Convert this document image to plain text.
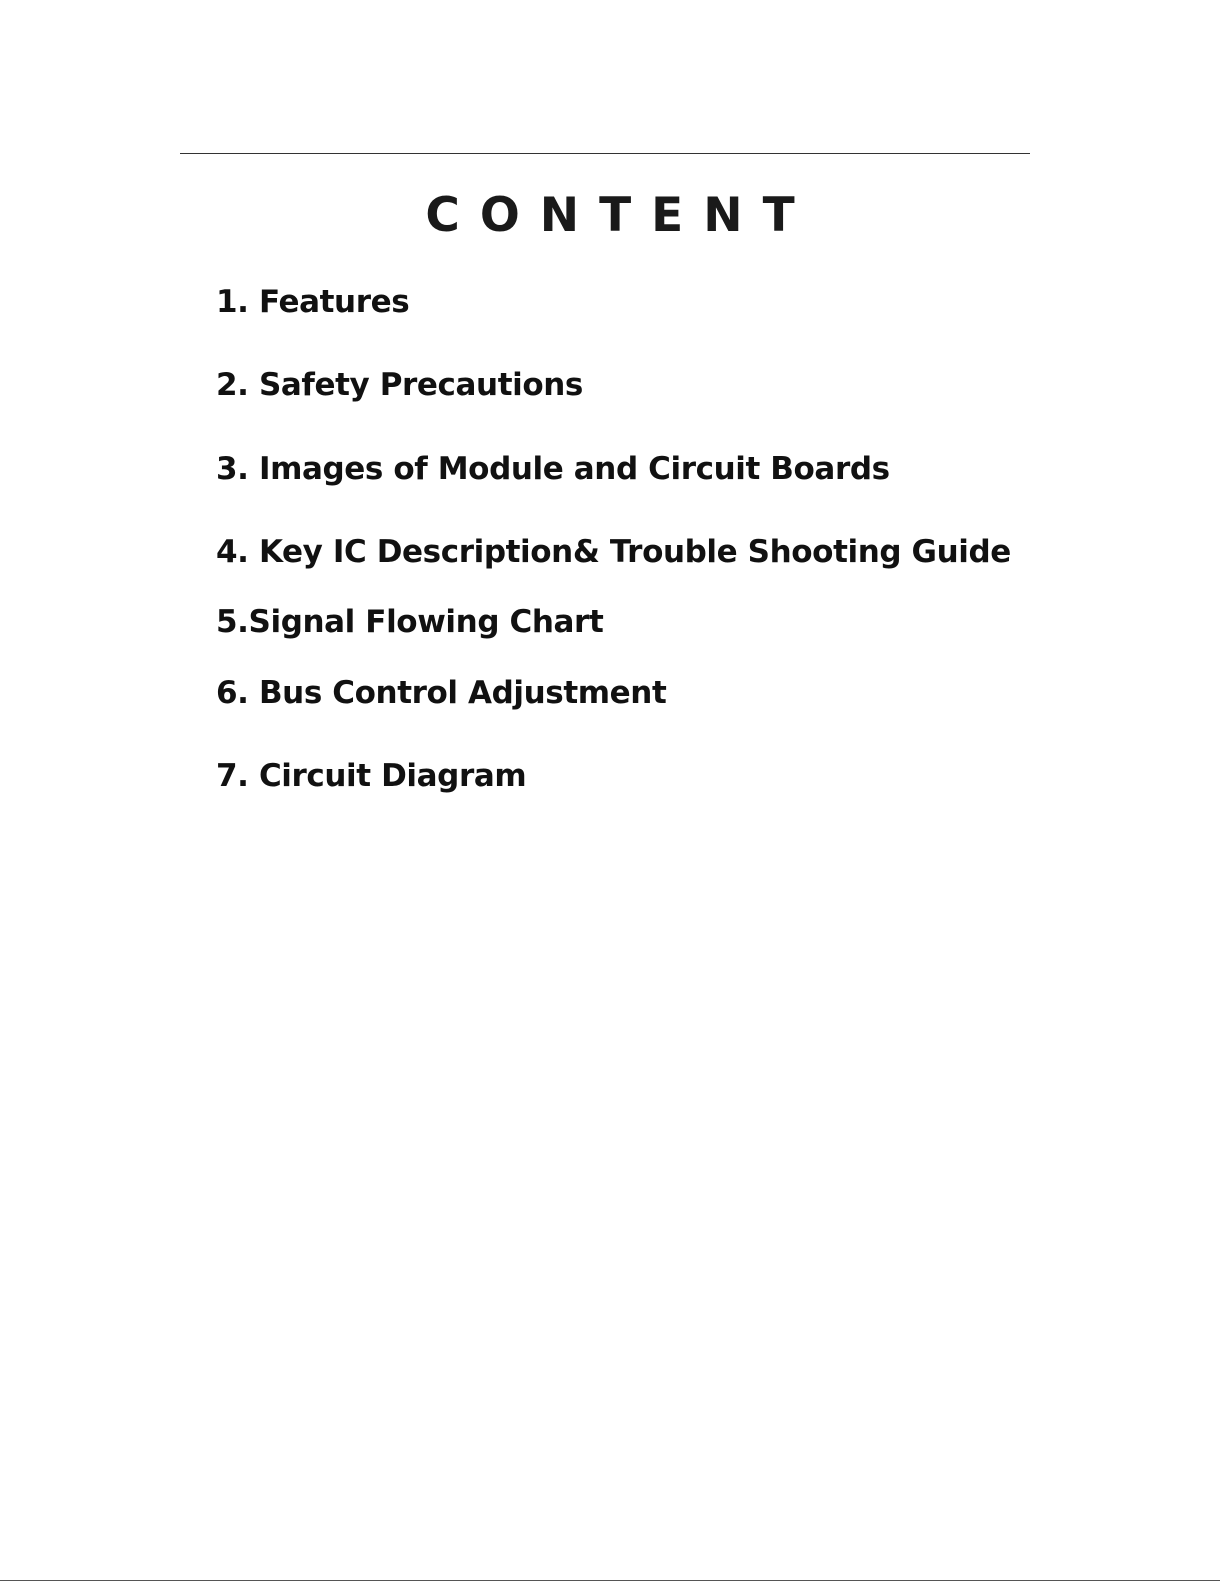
CONTENT
1. Features
2. Safety Precautions
3. Images of Module and Circuit Boards
4. Key IC Description& Trouble Shooting Guide
5.Signal Flowing Chart
6. Bus Control Adjustment
7. Circuit Diagram
